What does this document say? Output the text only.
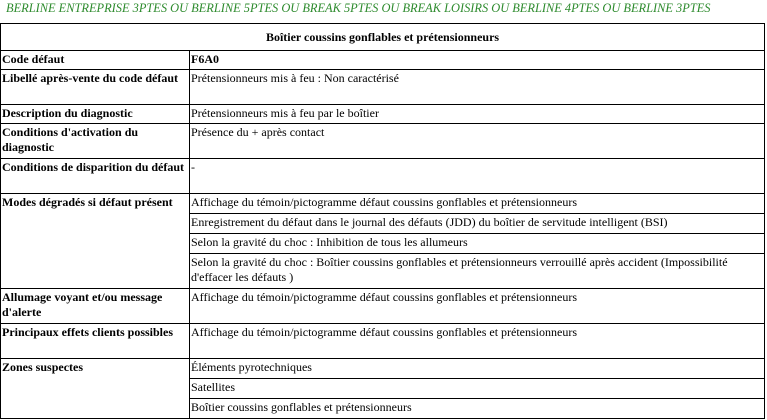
BERLINE ENTREPRISE 3PTES OU BERLINE 5PTES OU BREAK 5PTES OU BREAK LOISIRS OU BERLINE 4PTES OU BERLINE 3PTES
Boîtier coussins gonflables et prétensionneurs	
Code défaut	F6A0
Libellé après-vente du code défaut	Prétensionneurs mis à feu : Non caractérisé
Description du diagnostic	Prétensionneurs mis à feu par le boîtier
Conditions d'activation du diagnostic	Présence du + après contact
Conditions de disparition du défaut	-
Modes dégradés si défaut présent	Affichage du témoin/pictogramme défaut coussins gonflables et prétensionneurs
	Enregistrement du défaut dans le journal des défauts (JDD) du boîtier de servitude intelligent (BSI)
	Selon la gravité du choc : Inhibition de tous les allumeurs
	Selon la gravité du choc : Boîtier coussins gonflables et prétensionneurs verrouillé après accident (Impossibilité d'effacer les défauts )
Allumage voyant et/ou message d'alerte	Affichage du témoin/pictogramme défaut coussins gonflables et prétensionneurs
Principaux effets clients possibles	Affichage du témoin/pictogramme défaut coussins gonflables et prétensionneurs
Zones suspectes	Éléments pyrotechniques
	Satellites
	Boîtier coussins gonflables et prétensionneurs
